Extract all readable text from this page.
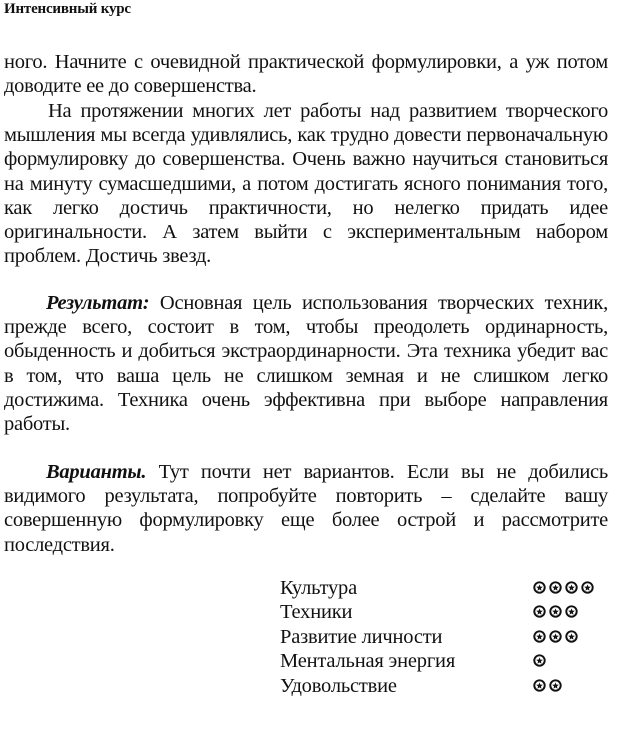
Интенсивный курс
ного. Начните с очевидной практической формулировки, а уж потом доводите ее до совершенства.
На протяжении многих лет работы над развитием творческого мышления мы всегда удивлялись, как трудно довести первоначальную формулировку до совершенства. Очень важно научиться становиться на минуту сумасшедшими, а потом достигать ясного понимания того, как легко достичь практичности, но нелегко придать идее оригинальности. А затем выйти с экспериментальным набором проблем. Достичь звезд.
Результат: Основная цель использования творческих техник, прежде всего, состоит в том, чтобы преодолеть ординарность, обыденность и добиться экстраординарности. Эта техника убедит вас в том, что ваша цель не слишком земная и не слишком легко достижима. Техника очень эффективна при выборе направления работы.
Варианты. Тут почти нет вариантов. Если вы не добились видимого результата, попробуйте повторить – сделайте вашу совершенную формулировку еще более острой и рассмотрите последствия.
Культура
Техники
Развитие личности
Ментальная энергия
Удовольствие
